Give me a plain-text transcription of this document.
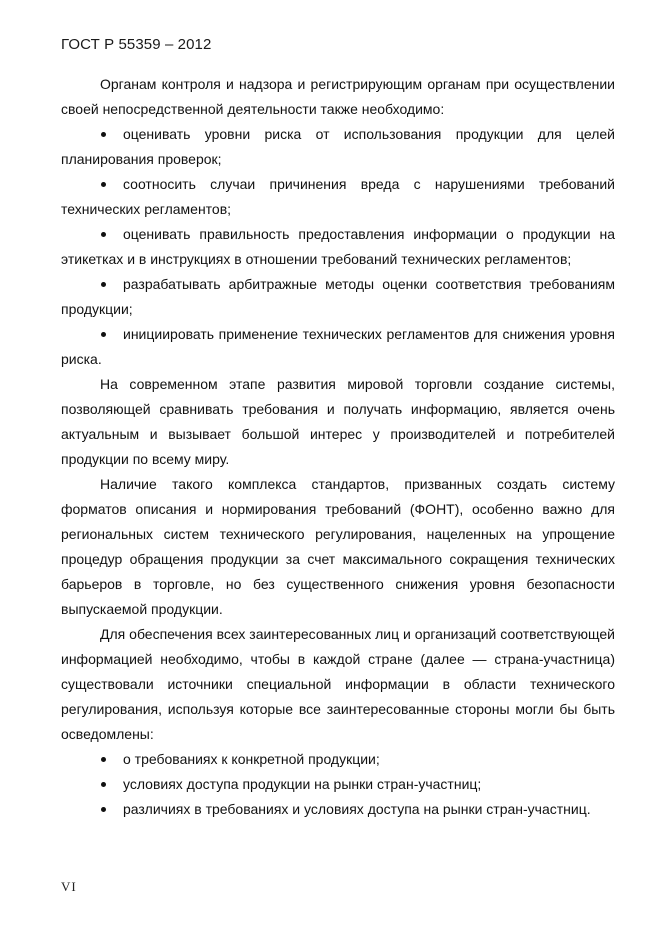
ГОСТ Р 55359 – 2012

Органам контроля и надзора и регистрирующим органам при осуществлении своей непосредственной деятельности также необходимо:

оценивать уровни риска от использования продукции для целей планирования проверок;
соотносить случаи причинения вреда с нарушениями требований технических регламентов;
оценивать правильность предоставления информации о продукции на этикетках и в инструкциях в отношении требований технических регламентов;
разрабатывать арбитражные методы оценки соответствия требованиям продукции;
инициировать применение технических регламентов для снижения уровня риска.

На современном этапе развития мировой торговли создание системы, позволяющей сравнивать требования и получать информацию, является очень актуальным и вызывает большой интерес у производителей и потребителей продукции по всему миру.

Наличие такого комплекса стандартов, призванных создать систему форматов описания и нормирования требований (ФОНТ), особенно важно для региональных систем технического регулирования, нацеленных на упрощение процедур обращения продукции за счет максимального сокращения технических барьеров в торговле, но без существенного снижения уровня безопасности выпускаемой продукции.

Для обеспечения всех заинтересованных лиц и организаций соответствующей информацией необходимо, чтобы в каждой стране (далее — страна-участница) существовали источники специальной информации в области технического регулирования, используя которые все заинтересованные стороны могли бы быть осведомлены:

о требованиях к конкретной продукции;
условиях доступа продукции на рынки стран-участниц;
различиях в требованиях и условиях доступа на рынки стран-участниц.
VI
